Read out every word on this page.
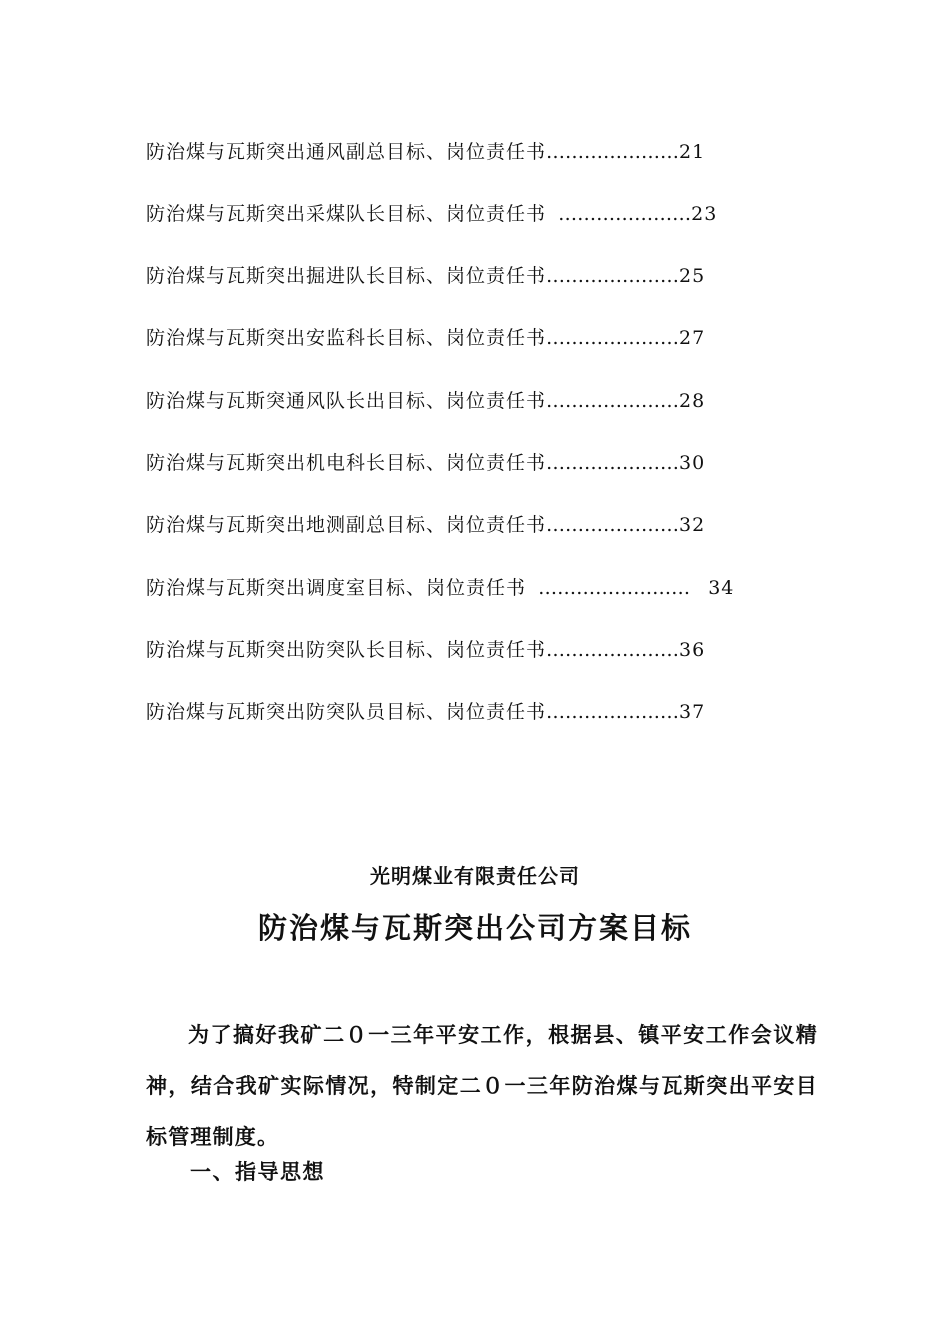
防治煤与瓦斯突出通风副总目标、岗位责任书…………………21
防治煤与瓦斯突出采煤队长目标、岗位责任书  …………………23
防治煤与瓦斯突出掘进队长目标、岗位责任书…………………25
防治煤与瓦斯突出安监科长目标、岗位责任书…………………27
防治煤与瓦斯突通风队长出目标、岗位责任书…………………28
防治煤与瓦斯突出机电科长目标、岗位责任书…………………30
防治煤与瓦斯突出地测副总目标、岗位责任书…………………32
防治煤与瓦斯突出调度室目标、岗位责任书  ……………………   34
防治煤与瓦斯突出防突队长目标、岗位责任书…………………36
防治煤与瓦斯突出防突队员目标、岗位责任书…………………37
光明煤业有限责任公司
防治煤与瓦斯突出公司方案目标
为了搞好我矿二０一三年平安工作，根据县、镇平安工作会议精神，结合我矿实际情况，特制定二０一三年防治煤与瓦斯突出平安目标管理制度。
一、指导思想
